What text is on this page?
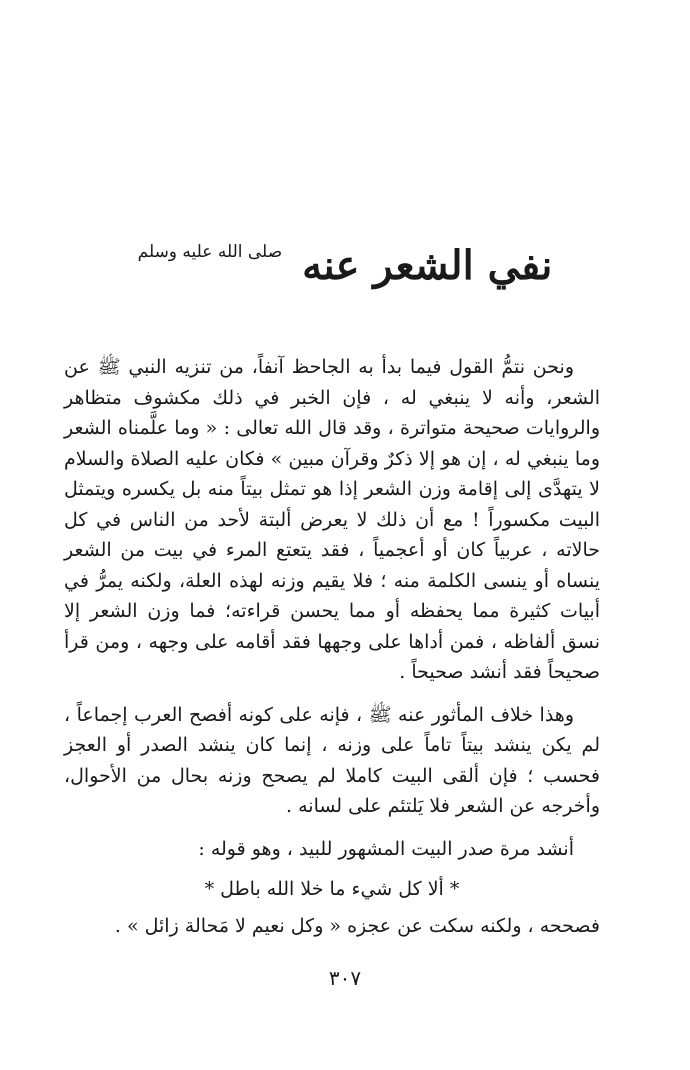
نفي الشعر عنه صلى الله عليه وسلم

ونحن نتمُّ القول فيما بدأ به الجاحظ آنفاً، من تنزيه النبي ﷺ عن الشعر، وأنه لا ينبغي له ، فإن الخبر في ذلك مكشوف متظاهر والروايات صحيحة متواترة ، وقد قال الله تعالى : « وما علَّمناه الشعر وما ينبغي له ، إن هو إلا ذكرٌ وقرآن مبين » فكان عليه الصلاة والسلام لا يتهدَّى إلى إقامة وزن الشعر إذا هو تمثل بيتاً منه بل يكسره ويتمثل البيت مكسوراً ! مع أن ذلك لا يعرض ألبتة لأحد من الناس في كل حالاته ، عربياً كان أو أعجمياً ، فقد يتعتع المرء في بيت من الشعر ينساه أو ينسى الكلمة منه ؛ فلا يقيم وزنه لهذه العلة، ولكنه يمرُّ في أبيات كثيرة مما يحفظه أو مما يحسن قراءته؛ فما وزن الشعر إلا نسق ألفاظه ، فمن أداها على وجهها فقد أقامه على وجهه ، ومن قرأ صحيحاً فقد أنشد صحيحاً .

وهذا خلاف المأثور عنه ﷺ ، فإنه على كونه أفصح العرب إجماعاً ، لم يكن ينشد بيتاً تاماً على وزنه ، إنما كان ينشد الصدر أو العجز فحسب ؛ فإن ألقى البيت كاملا لم يصحح وزنه بحال من الأحوال، وأخرجه عن الشعر فلا يَلتئم على لسانه .

أنشد مرة صدر البيت المشهور للبيد ، وهو قوله :

* ألا كل شيء ما خلا الله باطل *

فصححه ، ولكنه سكت عن عجزه « وكل نعيم لا مَحالة زائل » .

٣٠٧
